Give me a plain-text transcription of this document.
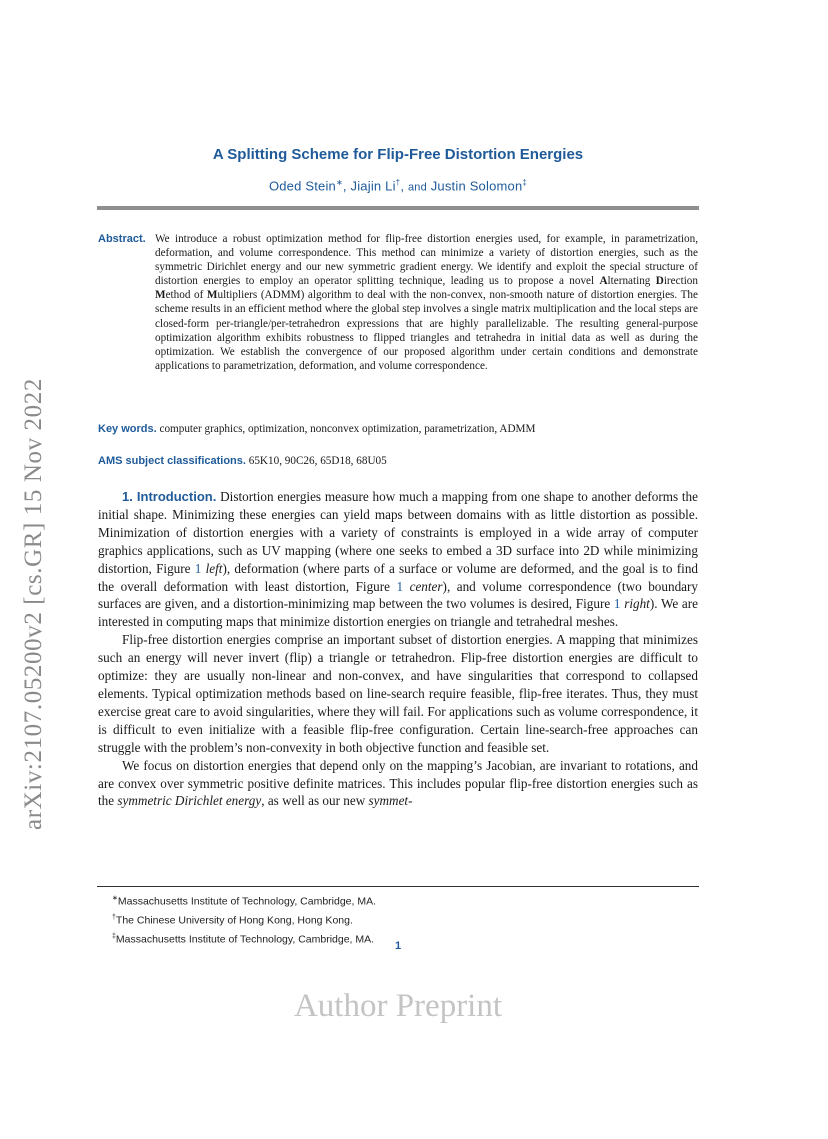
arXiv:2107.05200v2 [cs.GR] 15 Nov 2022
A Splitting Scheme for Flip-Free Distortion Energies
Oded Stein∗, Jiajin Li†, and Justin Solomon‡
Abstract. We introduce a robust optimization method for flip-free distortion energies used, for example, in parametrization, deformation, and volume correspondence. This method can minimize a variety of distortion energies, such as the symmetric Dirichlet energy and our new symmetric gradient energy. We identify and exploit the special structure of distortion energies to employ an operator splitting technique, leading us to propose a novel Alternating Direction Method of Multipliers (ADMM) algorithm to deal with the non-convex, non-smooth nature of distortion energies. The scheme results in an efficient method where the global step involves a single matrix multiplication and the local steps are closed-form per-triangle/per-tetrahedron expressions that are highly parallelizable. The resulting general-purpose optimization algorithm exhibits robustness to flipped triangles and tetrahedra in initial data as well as during the optimization. We establish the convergence of our proposed algorithm under certain conditions and demonstrate applications to parametrization, deformation, and volume correspondence.
Key words. computer graphics, optimization, nonconvex optimization, parametrization, ADMM
AMS subject classifications. 65K10, 90C26, 65D18, 68U05

1. Introduction. Distortion energies measure how much a mapping from one shape to another deforms the initial shape. Minimizing these energies can yield maps between domains with as little distortion as possible. Minimization of distortion energies with a variety of constraints is employed in a wide array of computer graphics applications, such as UV mapping (where one seeks to embed a 3D surface into 2D while minimizing distortion, Figure 1 left), deformation (where parts of a surface or volume are deformed, and the goal is to find the overall deformation with least distortion, Figure 1 center), and volume correspondence (two boundary surfaces are given, and a distortion-minimizing map between the two volumes is desired, Figure 1 right). We are interested in computing maps that minimize distortion energies on triangle and tetrahedral meshes.

Flip-free distortion energies comprise an important subset of distortion energies. A mapping that minimizes such an energy will never invert (flip) a triangle or tetrahedron. Flip-free distortion energies are difficult to optimize: they are usually non-linear and non-convex, and have singularities that correspond to collapsed elements. Typical optimization methods based on line-search require feasible, flip-free iterates. Thus, they must exercise great care to avoid singularities, where they will fail. For applications such as volume correspondence, it is difficult to even initialize with a feasible flip-free configuration. Certain line-search-free approaches can struggle with the problem’s non-convexity in both objective function and feasible set.

We focus on distortion energies that depend only on the mapping’s Jacobian, are invariant to rotations, and are convex over symmetric positive definite matrices. This includes popular flip-free distortion energies such as the symmetric Dirichlet energy, as well as our new symmet-

∗Massachusetts Institute of Technology, Cambridge, MA.
†The Chinese University of Hong Kong, Hong Kong.
‡Massachusetts Institute of Technology, Cambridge, MA.
1
Author Preprint
